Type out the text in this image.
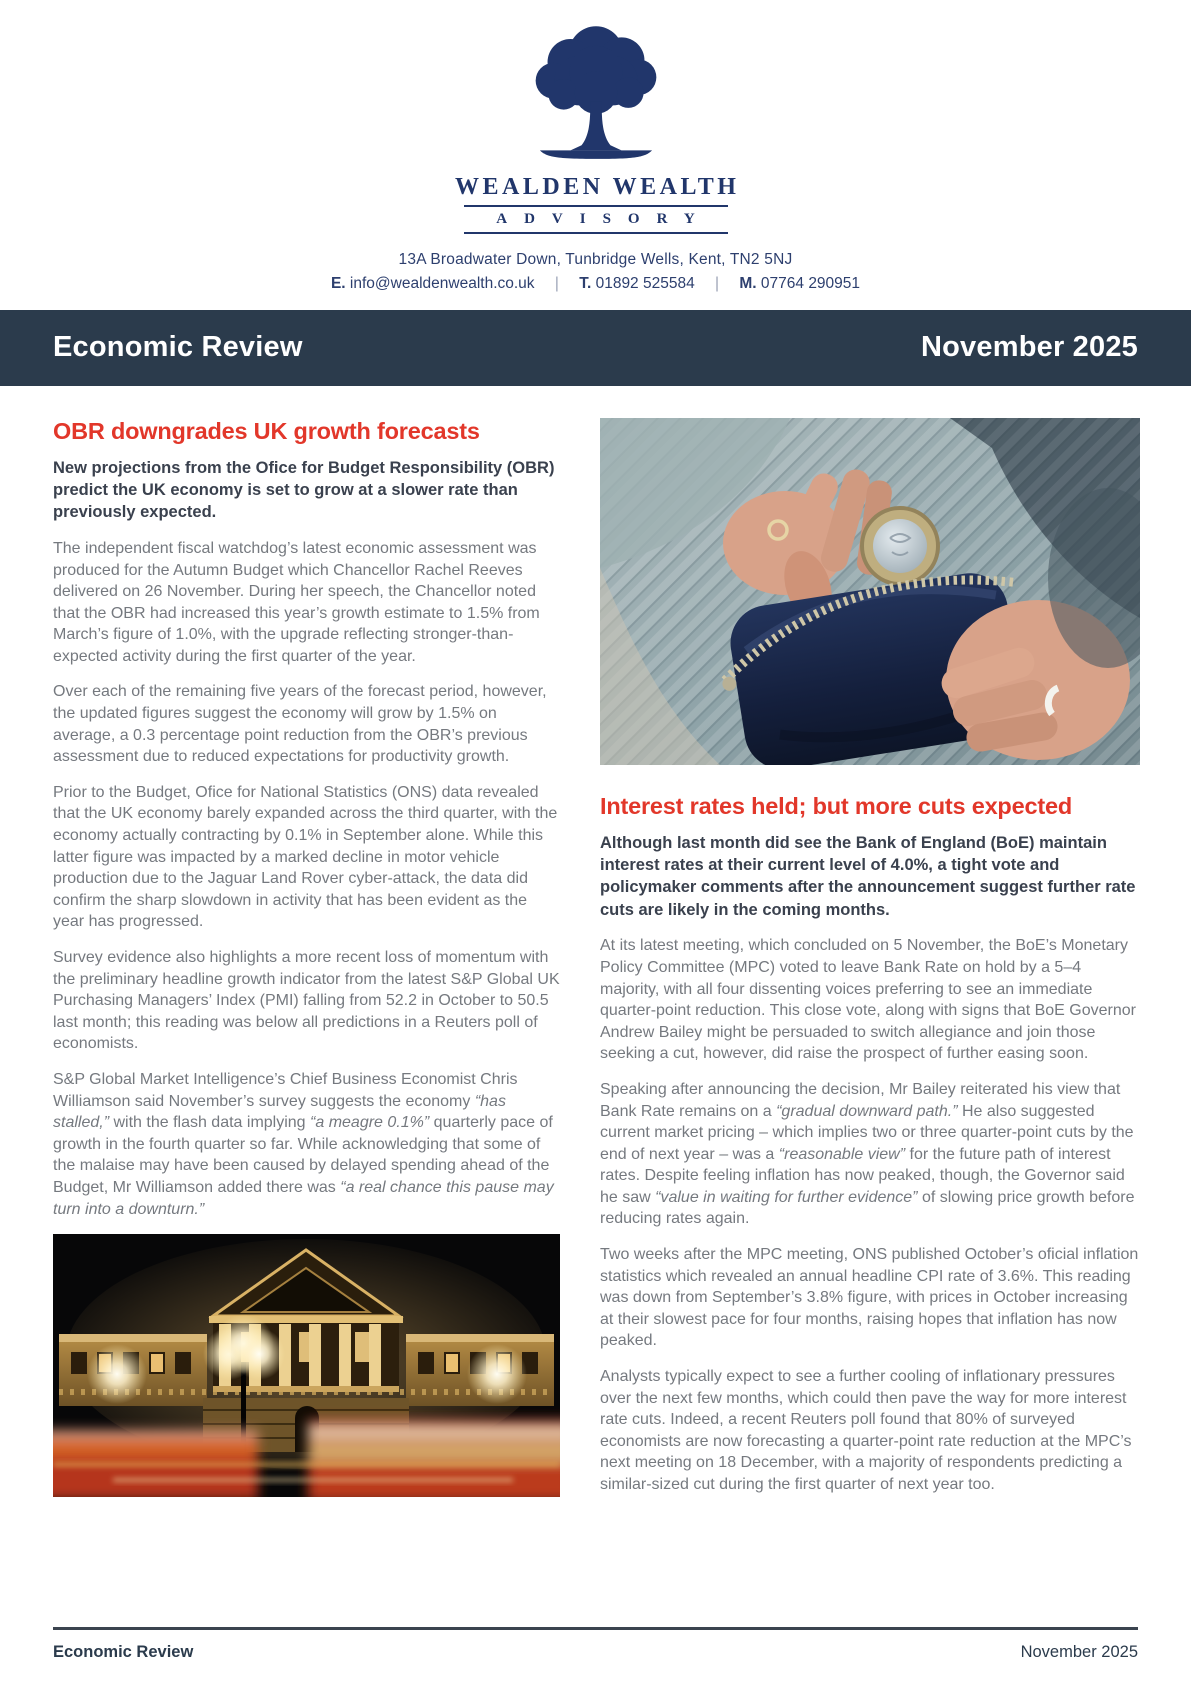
WEALDEN WEALTH
ADVISORY
13A Broadwater Down, Tunbridge Wells, Kent, TN2 5NJ
E. info@wealdenwealth.co.uk | T. 01892 525584 | M. 07764 290951
Economic Review	November 2025
OBR downgrades UK growth forecasts

New projections from the Ofice for Budget Responsibility (OBR) predict the UK economy is set to grow at a slower rate than previously expected.

The independent fiscal watchdog’s latest economic assessment was produced for the Autumn Budget which Chancellor Rachel Reeves delivered on 26 November. During her speech, the Chancellor noted that the OBR had increased this year’s growth estimate to 1.5% from March’s figure of 1.0%, with the upgrade reflecting stronger-than-expected activity during the first quarter of the year.

Over each of the remaining five years of the forecast period, however, the updated figures suggest the economy will grow by 1.5% on average, a 0.3 percentage point reduction from the OBR’s previous assessment due to reduced expectations for productivity growth.

Prior to the Budget, Ofice for National Statistics (ONS) data revealed that the UK economy barely expanded across the third quarter, with the economy actually contracting by 0.1% in September alone. While this latter figure was impacted by a marked decline in motor vehicle production due to the Jaguar Land Rover cyber-attack, the data did confirm the sharp slowdown in activity that has been evident as the year has progressed.

Survey evidence also highlights a more recent loss of momentum with the preliminary headline growth indicator from the latest S&P Global UK Purchasing Managers’ Index (PMI) falling from 52.2 in October to 50.5 last month; this reading was below all predictions in a Reuters poll of economists.

S&P Global Market Intelligence’s Chief Business Economist Chris Williamson said November’s survey suggests the economy “has stalled,” with the flash data implying “a meagre 0.1%” quarterly pace of growth in the fourth quarter so far. While acknowledging that some of the malaise may have been caused by delayed spending ahead of the Budget, Mr Williamson added there was “a real chance this pause may turn into a downturn.”

Interest rates held; but more cuts expected

Although last month did see the Bank of England (BoE) maintain interest rates at their current level of 4.0%, a tight vote and policymaker comments after the announcement suggest further rate cuts are likely in the coming months.

At its latest meeting, which concluded on 5 November, the BoE’s Monetary Policy Committee (MPC) voted to leave Bank Rate on hold by a 5–4 majority, with all four dissenting voices preferring to see an immediate quarter-point reduction. This close vote, along with signs that BoE Governor Andrew Bailey might be persuaded to switch allegiance and join those seeking a cut, however, did raise the prospect of further easing soon.

Speaking after announcing the decision, Mr Bailey reiterated his view that Bank Rate remains on a “gradual downward path.” He also suggested current market pricing – which implies two or three quarter-point cuts by the end of next year – was a “reasonable view” for the future path of interest rates. Despite feeling inflation has now peaked, though, the Governor said he saw “value in waiting for further evidence” of slowing price growth before reducing rates again.

Two weeks after the MPC meeting, ONS published October’s oficial inflation statistics which revealed an annual headline CPI rate of 3.6%. This reading was down from September’s 3.8% figure, with prices in October increasing at their slowest pace for four months, raising hopes that inflation has now peaked.

Analysts typically expect to see a further cooling of inflationary pressures over the next few months, which could then pave the way for more interest rate cuts. Indeed, a recent Reuters poll found that 80% of surveyed economists are now forecasting a quarter-point rate reduction at the MPC’s next meeting on 18 December, with a majority of respondents predicting a similar-sized cut during the first quarter of next year too.

Economic Review	November 2025
